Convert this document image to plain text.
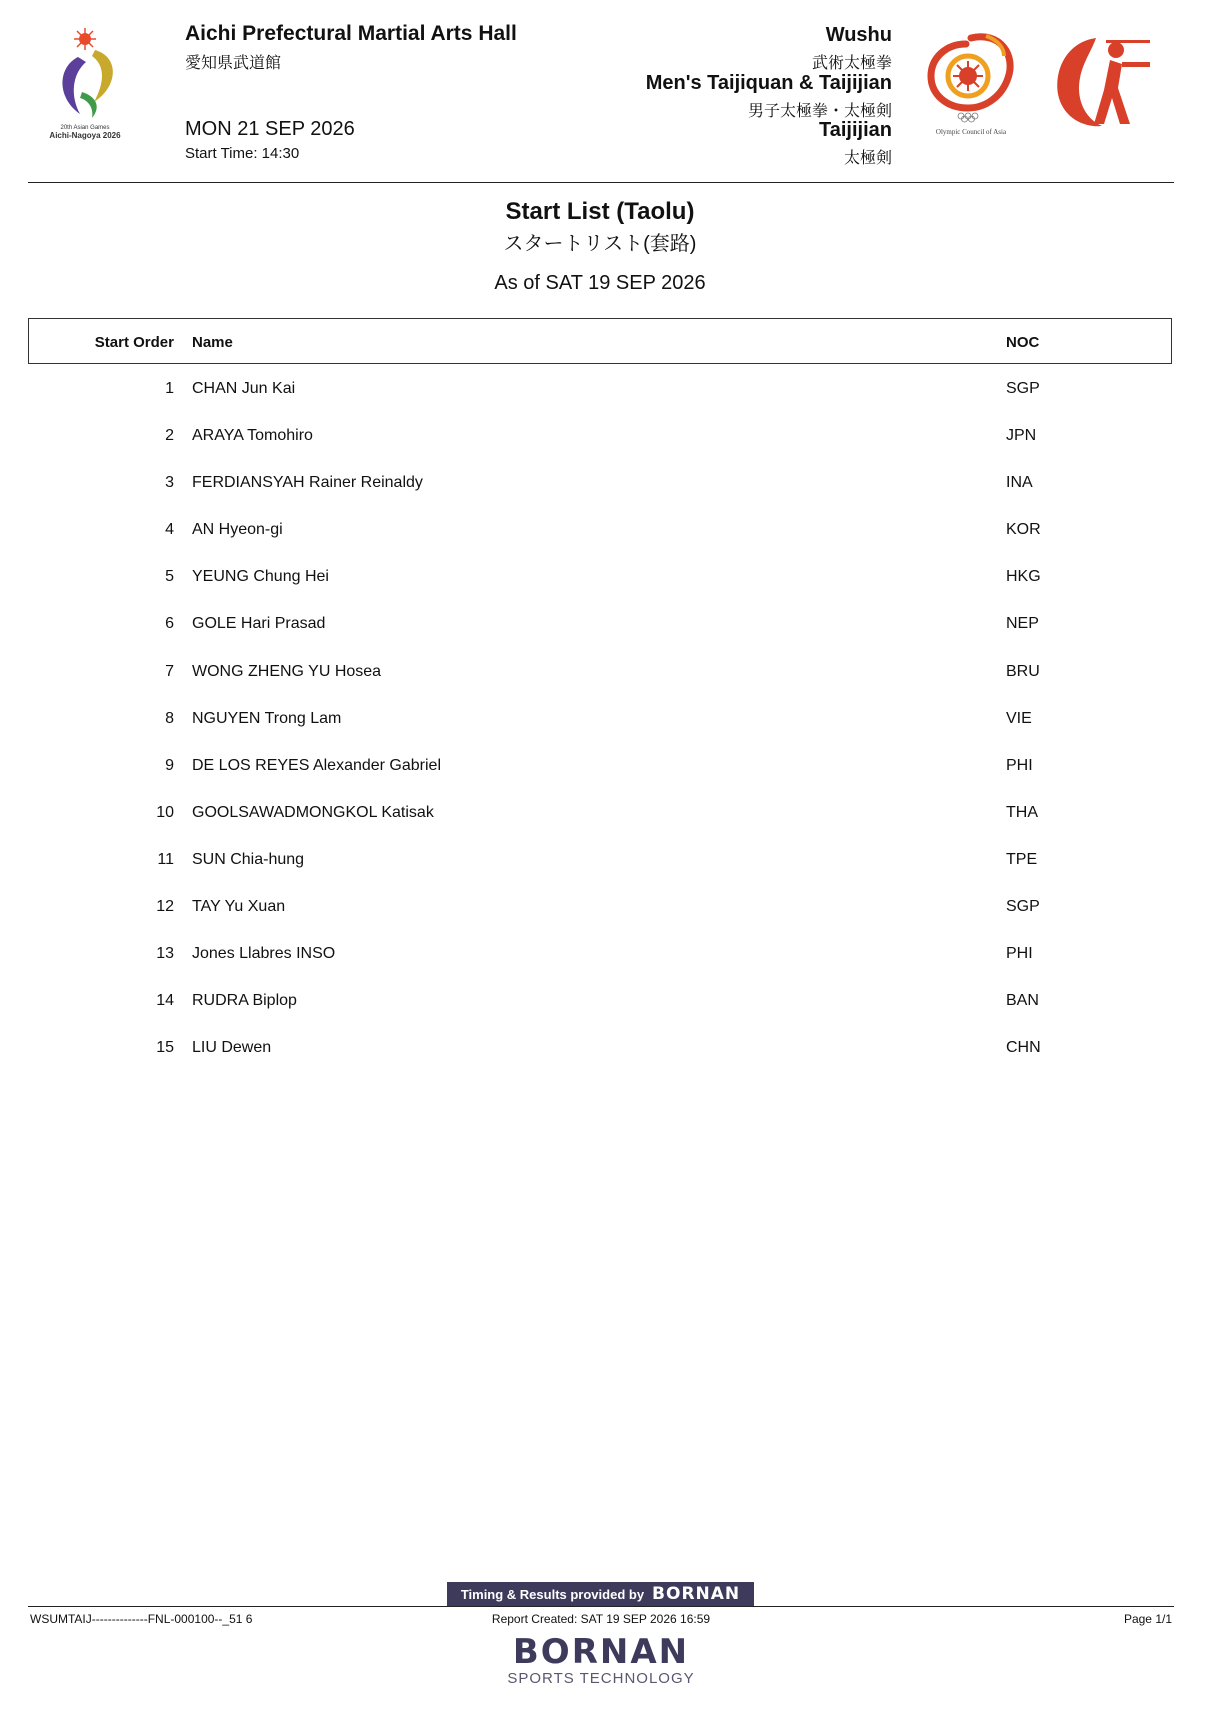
20th Asian Games
Aichi-Nagoya 2026
Aichi Prefectural Martial Arts Hall
愛知県武道館
MON 21 SEP 2026
Start Time: 14:30
Wushu
武術太極拳
Men's Taijiquan & Taijijian
男子太極拳・太極剣
Taijijian
太極剣
Olympic Council of Asia
Start List (Taolu)
スタートリスト(套路)
As of SAT 19 SEP 2026
Start Order Name	NOC
1 CHAN Jun Kai	SGP
2 ARAYA Tomohiro	JPN
3 FERDIANSYAH Rainer Reinaldy	INA
4 AN Hyeon-gi	KOR
5 YEUNG Chung Hei	HKG
6 GOLE Hari Prasad	NEP
7 WONG ZHENG YU Hosea	BRU
8 NGUYEN Trong Lam	VIE
9 DE LOS REYES Alexander Gabriel	PHI
10 GOOLSAWADMONGKOL Katisak	THA
11 SUN Chia-hung	TPE
12 TAY Yu Xuan	SGP
13 Jones Llabres INSO	PHI
14 RUDRA Biplop	BAN
15 LIU Dewen	CHN
Timing & Results provided by BORNAN
WSUMTAIJ--------------FNL-000100--_51 6	Report Created: SAT 19 SEP 2026 16:59	Page 1/1
BORNAN
SPORTS TECHNOLOGY
